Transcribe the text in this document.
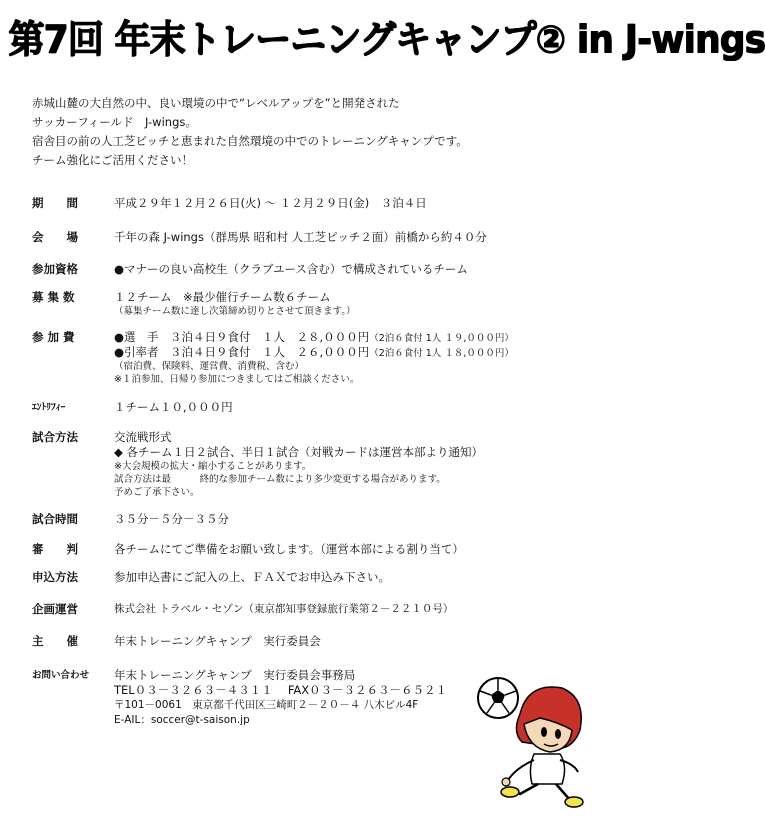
第7回 年末トレーニングキャンプ② in J-wings
赤城山麓の大自然の中、良い環境の中で“レベルアップを”と開発された
サッカーフィールド　J-wings。
宿舎目の前の人工芝ピッチと恵まれた自然環境の中でのトレーニングキャンプです。
チーム強化にご活用ください！
期　　間	平成２９年１２月２６日(火) 〜 １２月２９日(金)　３泊４日
会　　場	千年の森 J-wings（群馬県 昭和村 人工芝ピッチ２面）前橋から約４０分
参加資格	●マナーの良い高校生（クラブユース含む）で構成されているチーム
募 集 数	１２チーム　※最少催行チーム数６チーム
（募集チーム数に達し次第締め切りとさせて頂きます。）
参 加 費	●選　手　３泊４日９食付　１人　２８,０００円（2泊６食付 1人 １９,０００円）
●引率者　３泊４日９食付　１人　２６,０００円（2泊６食付 1人 １８,０００円）
（宿泊費、保険料、運営費、消費税、含む）
※１泊参加、日帰り参加につきましてはご相談ください。
ｴﾝﾄﾘﾌｨｰ	１チーム１０,０００円
試合方法	交流戦形式
◆ 各チーム１日２試合、半日１試合（対戦カードは運営本部より通知）
※大会規模の拡大・縮小することがあります。
試合方法は最　　　終的な参加チーム数により多少変更する場合があります。
予めご了承下さい。
試合時間	３５分－５分－３５分
審　　判	各チームにてご準備をお願い致します。（運営本部による割り当て）
申込方法	参加申込書にご記入の上、ＦＡＸでお申込み下さい。
企画運営	株式会社 トラベル・セゾン（東京都知事登録旅行業第２－２２１０号）
主　　催	年末トレーニングキャンプ　実行委員会
お問い合わせ	年末トレーニングキャンプ　実行委員会事務局
TEL０３－３２６３－４３１１　 FAX０３－３２６３－６５２１
〒101－0061　東京都千代田区三崎町２－２０－４ 八木ビル4F
E-AIL：soccer@t-saison.jp
